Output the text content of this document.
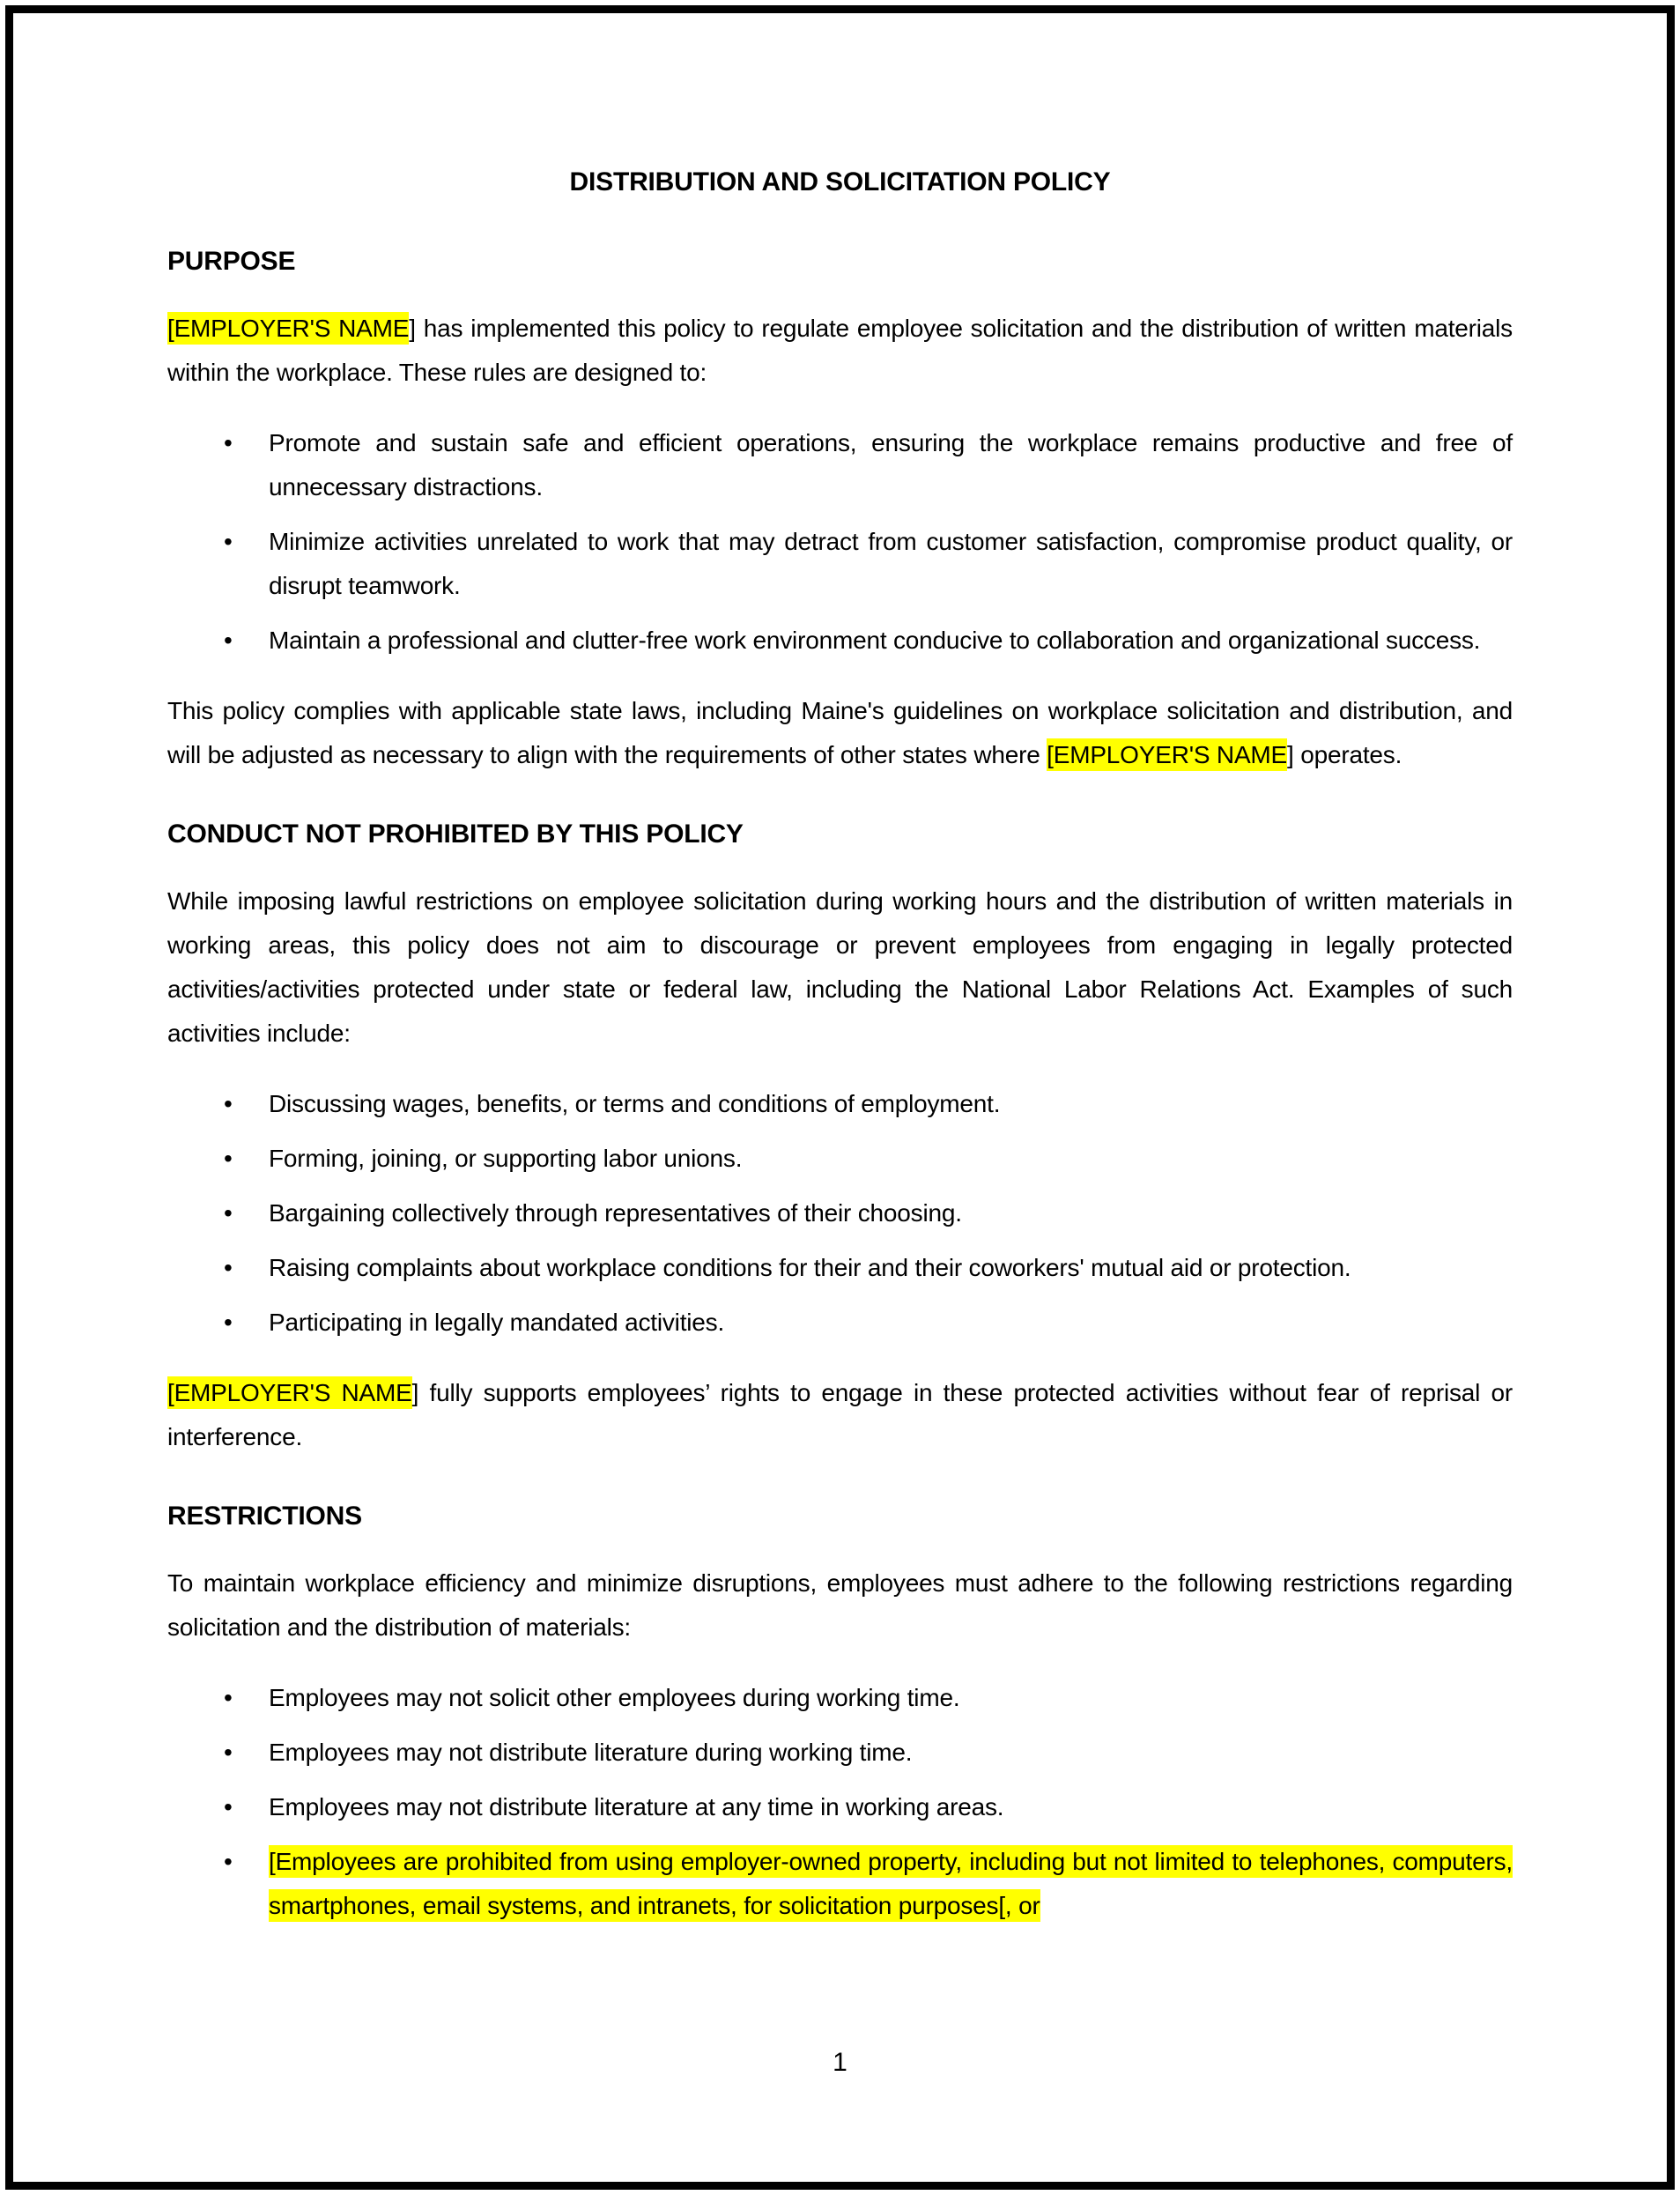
DISTRIBUTION AND SOLICITATION POLICY
PURPOSE

[EMPLOYER'S NAME] has implemented this policy to regulate employee solicitation and the distribution of written materials within the workplace. These rules are designed to:

• Promote and sustain safe and efficient operations, ensuring the workplace remains productive and free of unnecessary distractions.
• Minimize activities unrelated to work that may detract from customer satisfaction, compromise product quality, or disrupt teamwork.
• Maintain a professional and clutter-free work environment conducive to collaboration and organizational success.

This policy complies with applicable state laws, including Maine's guidelines on workplace solicitation and distribution, and will be adjusted as necessary to align with the requirements of other states where [EMPLOYER'S NAME] operates.

CONDUCT NOT PROHIBITED BY THIS POLICY

While imposing lawful restrictions on employee solicitation during working hours and the distribution of written materials in working areas, this policy does not aim to discourage or prevent employees from engaging in legally protected activities/activities protected under state or federal law, including the National Labor Relations Act. Examples of such activities include:

• Discussing wages, benefits, or terms and conditions of employment.
• Forming, joining, or supporting labor unions.
• Bargaining collectively through representatives of their choosing.
• Raising complaints about workplace conditions for their and their coworkers' mutual aid or protection.
• Participating in legally mandated activities.

[EMPLOYER'S NAME] fully supports employees’ rights to engage in these protected activities without fear of reprisal or interference.

RESTRICTIONS

To maintain workplace efficiency and minimize disruptions, employees must adhere to the following restrictions regarding solicitation and the distribution of materials:

• Employees may not solicit other employees during working time.
• Employees may not distribute literature during working time.
• Employees may not distribute literature at any time in working areas.
• [Employees are prohibited from using employer-owned property, including but not limited to telephones, computers, smartphones, email systems, and intranets, for solicitation purposes[, or
1
